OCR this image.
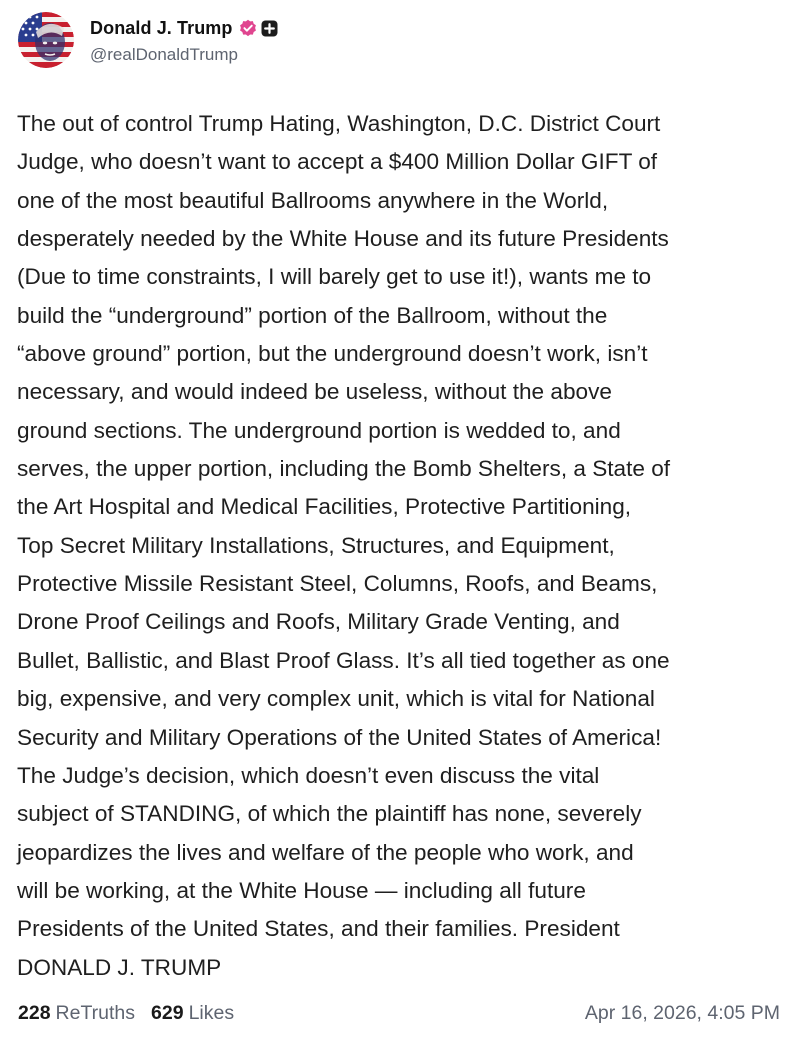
Donald J. Trump
@realDonaldTrump
The out of control Trump Hating, Washington, D.C. District Court
Judge, who doesn’t want to accept a $400 Million Dollar GIFT of
one of the most beautiful Ballrooms anywhere in the World,
desperately needed by the White House and its future Presidents
(Due to time constraints, I will barely get to use it!), wants me to
build the “underground” portion of the Ballroom, without the
“above ground” portion, but the underground doesn’t work, isn’t
necessary, and would indeed be useless, without the above
ground sections. The underground portion is wedded to, and
serves, the upper portion, including the Bomb Shelters, a State of
the Art Hospital and Medical Facilities, Protective Partitioning,
Top Secret Military Installations, Structures, and Equipment,
Protective Missile Resistant Steel, Columns, Roofs, and Beams,
Drone Proof Ceilings and Roofs, Military Grade Venting, and
Bullet, Ballistic, and Blast Proof Glass. It’s all tied together as one
big, expensive, and very complex unit, which is vital for National
Security and Military Operations of the United States of America!
The Judge’s decision, which doesn’t even discuss the vital
subject of STANDING, of which the plaintiff has none, severely
jeopardizes the lives and welfare of the people who work, and
will be working, at the White House — including all future
Presidents of the United States, and their families. President
DONALD J. TRUMP
228 ReTruths 629 Likes	Apr 16, 2026, 4:05 PM
